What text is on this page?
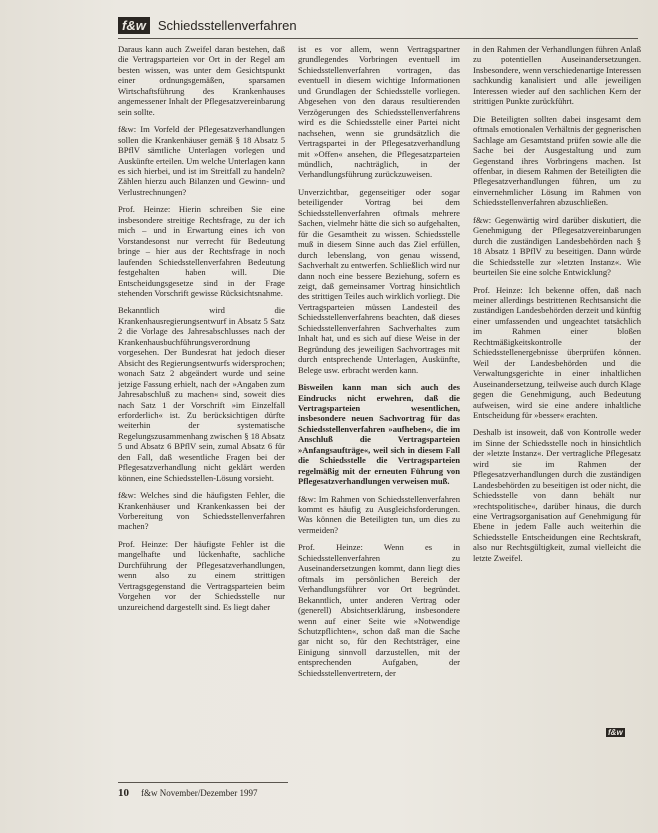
f&w Schiedsstellenverfahren

Daraus kann auch Zweifel daran bestehen, daß die Vertragsparteien vor Ort in der Regel am besten wissen, was unter dem Gesichtspunkt einer ordnungsgemäßen, sparsamen Wirtschaftsführung des Krankenhauses angemessener Inhalt der Pflegesatzvereinbarung sein sollte.

f&w: Im Vorfeld der Pflegesatzverhandlungen sollen die Krankenhäuser gemäß § 18 Absatz 5 BPflV sämtliche Unterlagen vorlegen und Auskünfte erteilen. Um welche Unterlagen kann es sich hierbei, und ist im Streitfall zu handeln? Zählen hierzu auch Bilanzen und Gewinn- und Verlustrechnungen?

Prof. Heinze: Hierin schreiben Sie eine insbesondere streitige Rechtsfrage, zu der ich mich – und in Erwartung eines ich von Vorstandesonst nur verrecht für Bedeutung bringe – hier aus der Rechtsfrage in noch laufenden Schiedsstellenverfahren Bedeutung festgehalten haben will. Die Entscheidungsgesetze sind in der Frage stehenden Vorschrift gewisse Rücksichtsnahme.

Bekanntlich wird die Krankenhausregierungsentwurf in Absatz 5 Satz 2 die Vorlage des Jahresabschlusses nach der Krankenhausbuchführungsverordnung vorgesehen. Der Bundesrat hat jedoch dieser Absicht des Regierungsentwurfs widersprochen; wonach Satz 2 abgeändert wurde und seine jetzige Fassung erhielt, nach der »Angaben zum Jahresabschluß zu machen« sind, soweit dies nach Satz 1 der Vorschrift »im Einzelfall erforderlich« ist. Zu berücksichtigen dürfte weiterhin der systematische Regelungszusammenhang zwischen § 18 Absatz 5 und Absatz 6 BPflV sein, zumal Absatz 6 für den Fall, daß wesentliche Fragen bei der Pflegesatzverhandlung nicht geklärt werden können, eine Schiedsstellen-Lösung vorsieht.

f&w: Welches sind die häufigsten Fehler, die Krankenhäuser und Krankenkassen bei der Vorbereitung von Schiedsstellenverfahren machen?

Prof. Heinze: Der häufigste Fehler ist die mangelhafte und lückenhafte, sachliche Durchführung der Pflegesatzverhandlungen, wenn also zu einem strittigen Vertragsgegenstand die Vertragsparteien beim Vorgehen vor der Schiedsstelle nur unzureichend dargestellt sind. Es liegt daher

ist es vor allem, wenn Vertragspartner grundlegendes Vorbringen eventuell im Schiedsstellenverfahren vortragen, das eventuell in diesem wichtige Informationen und Grundlagen der Schiedsstelle vorliegen. Abgesehen von den daraus resultierenden Verzögerungen des Schiedsstellenverfahrens wird es die Schiedsstelle einer Partei nicht nachsehen, wenn sie grundsätzlich die Vertragspartei in der Pflegesatzverhandlung mit »Offen« ansehen, die Pflegesatzparteien mündlich, nachträglich, in der Verhandlungsführung zurückzuweisen.

Unverzichtbar, gegenseitiger oder sogar beteiligender Vortrag bei dem Schiedsstellenverfahren oftmals mehrere Sachen, vielmehr hätte die sich so aufgehalten, für die Gesamtheit zu wissen. Schiedsstelle muß in diesem Sinne auch das Ziel erfüllen, durch lebenslang, von genau wissend, Sachverhalt zu entwerfen. Schließlich wird nur dann noch eine bessere Beziehung, sofern es zeigt, daß gemeinsamer Vortrag hinsichtlich des strittigen Teiles auch wirklich vorliegt. Die Vertragsparteien müssen Landesteil des Schiedsstellenverfahrens beachten, daß dieses Schiedsstellenverfahren Sachverhaltes zum Inhalt hat, und es sich auf diese Weise in der Begründung des jeweiligen Sachvortrages mit durch entsprechende Unterlagen, Auskünfte, Belege usw. erbracht werden kann.

Bisweilen kann man sich auch des Eindrucks nicht erwehren, daß die Vertragsparteien wesentlichen, insbesondere neuen Sachvortrag für das Schiedsstellenverfahren »aufheben«, die im Anschluß die Vertragsparteien »Anfangsaufträge«, weil sich in diesem Fall die Schiedsstelle die Vertragsparteien regelmäßig mit der erneuten Führung von Pflegesatzverhandlungen verweisen muß.

f&w: Im Rahmen von Schiedsstellenverfahren kommt es häufig zu Ausgleichsforderungen. Was können die Beteiligten tun, um dies zu vermeiden?

Prof. Heinze: Wenn es in Schiedsstellenverfahren zu Auseinandersetzungen kommt, dann liegt dies oftmals im persönlichen Bereich der Verhandlungsführer vor Ort begründet. Bekanntlich, unter anderen Vertrag oder (generell) Absichtserklärung, insbesondere wenn auf einer Seite wie »Notwendige Schutzpflichten«, schon daß man die Sache gar nicht so, für den Rechtsträger, eine Einigung sinnvoll darzustellen, mit der entsprechenden Aufgaben, der Schiedsstellenvertretern, der

in den Rahmen der Verhandlungen führen Anlaß zu potentiellen Auseinandersetzungen. Insbesondere, wenn verschiedenartige Interessen sachkundig kanalisiert und alle jeweiligen Interessen wieder auf den sachlichen Kern der strittigen Punkte zurückführt.

Die Beteiligten sollten dabei insgesamt dem oftmals emotionalen Verhältnis der gegnerischen Sachlage am Gesamtstand prüfen sowie alle die Sache bei der Ausgestaltung und zum Gegenstand ihres Vorbringens machen. Ist offenbar, in diesem Rahmen der Beteiligten die Pflegesatzverhandlungen führen, um zu einvernehmlicher Lösung im Rahmen von Schiedsstellenverfahren abzuschließen.

f&w: Gegenwärtig wird darüber diskutiert, die Genehmigung der Pflegesatzvereinbarungen durch die zuständigen Landesbehörden nach § 18 Absatz 1 BPflV zu beseitigen. Dann würde die Schiedsstelle zur »letzten Instanz«. Wie beurteilen Sie eine solche Entwicklung?

Prof. Heinze: Ich bekenne offen, daß nach meiner allerdings bestrittenen Rechtsansicht die zuständigen Landesbehörden derzeit und künftig einer umfassenden und ungeachtet tatsächlich im Rahmen einer bloßen Rechtmäßigkeitskontrolle der Schiedsstellenergebnisse überprüfen können. Weil der Landesbehörden und die Verwaltungsgerichte in einer inhaltlichen Auseinandersetzung, teilweise auch durch Klage gegen die Genehmigung, auch Bedeutung aufweisen, wird sie eine andere inhaltliche Entscheidung für »besser« erachten.

Deshalb ist insoweit, daß von Kontrolle weder im Sinne der Schiedsstelle noch in hinsichtlich der »letzte Instanz«. Der vertragliche Pflegesatz wird sie im Rahmen der Pflegesatzverhandlungen durch die zuständigen Landesbehörden zu beseitigen ist oder nicht, die Schiedsstelle von dann behält nur »rechtspolitische«, darüber hinaus, die durch eine Vertragsorganisation auf Genehmigung für Ebene in jedem Falle auch weiterhin die Schiedsstelle Entscheidungen eine Rechtskraft, also nur Rechtsgültigkeit, zumal vielleicht die letzte Zweifel.

f&w
10 f&w November/Dezember 1997
